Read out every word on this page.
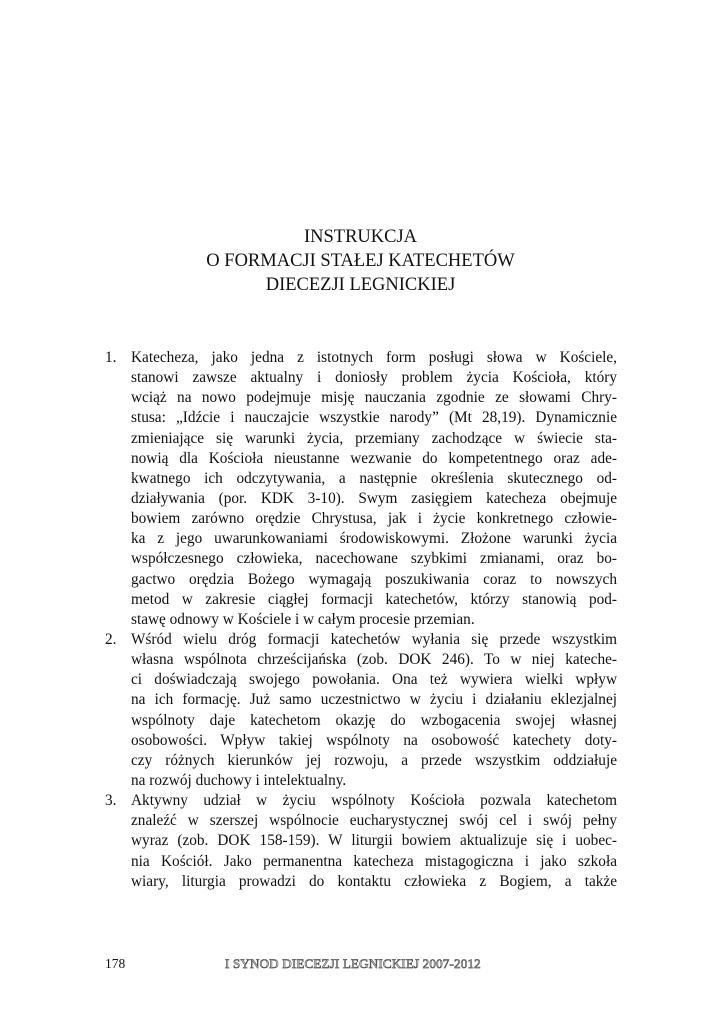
INSTRUKCJA
O FORMACJI STAŁEJ KATECHETÓW
DIECEZJI LEGNICKIEJ
1. Katecheza, jako jedna z istotnych form posługi słowa w Kościele,
stanowi zawsze aktualny i doniosły problem życia Kościoła, który
wciąż na nowo podejmuje misję nauczania zgodnie ze słowami Chry-
stusa: „Idźcie i nauczajcie wszystkie narody” (Mt 28,19). Dynamicznie
zmieniające się warunki życia, przemiany zachodzące w świecie sta-
nowią dla Kościoła nieustanne wezwanie do kompetentnego oraz ade-
kwatnego ich odczytywania, a następnie określenia skutecznego od-
działywania (por. KDK 3-10). Swym zasięgiem katecheza obejmuje
bowiem zarówno orędzie Chrystusa, jak i życie konkretnego człowie-
ka z jego uwarunkowaniami środowiskowymi. Złożone warunki życia
współczesnego człowieka, nacechowane szybkimi zmianami, oraz bo-
gactwo orędzia Bożego wymagają poszukiwania coraz to nowszych
metod w zakresie ciągłej formacji katechetów, którzy stanowią pod-
stawę odnowy w Kościele i w całym procesie przemian.
2. Wśród wielu dróg formacji katechetów wyłania się przede wszystkim
własna wspólnota chrześcijańska (zob. DOK 246). To w niej kateche-
ci doświadczają swojego powołania. Ona też wywiera wielki wpływ
na ich formację. Już samo uczestnictwo w życiu i działaniu eklezjalnej
wspólnoty daje katechetom okazję do wzbogacenia swojej własnej
osobowości. Wpływ takiej wspólnoty na osobowość katechety doty-
czy różnych kierunków jej rozwoju, a przede wszystkim oddziałuje
na rozwój duchowy i intelektualny.
3. Aktywny udział w życiu wspólnoty Kościoła pozwala katechetom
znaleźć w szerszej wspólnocie eucharystycznej swój cel i swój pełny
wyraz (zob. DOK 158-159). W liturgii bowiem aktualizuje się i uobec-
nia Kościół. Jako permanentna katecheza mistagogiczna i jako szkoła
wiary, liturgia prowadzi do kontaktu człowieka z Bogiem, a także
178	I SYNOD DIECEZJI LEGNICKIEJ 2007-2012
